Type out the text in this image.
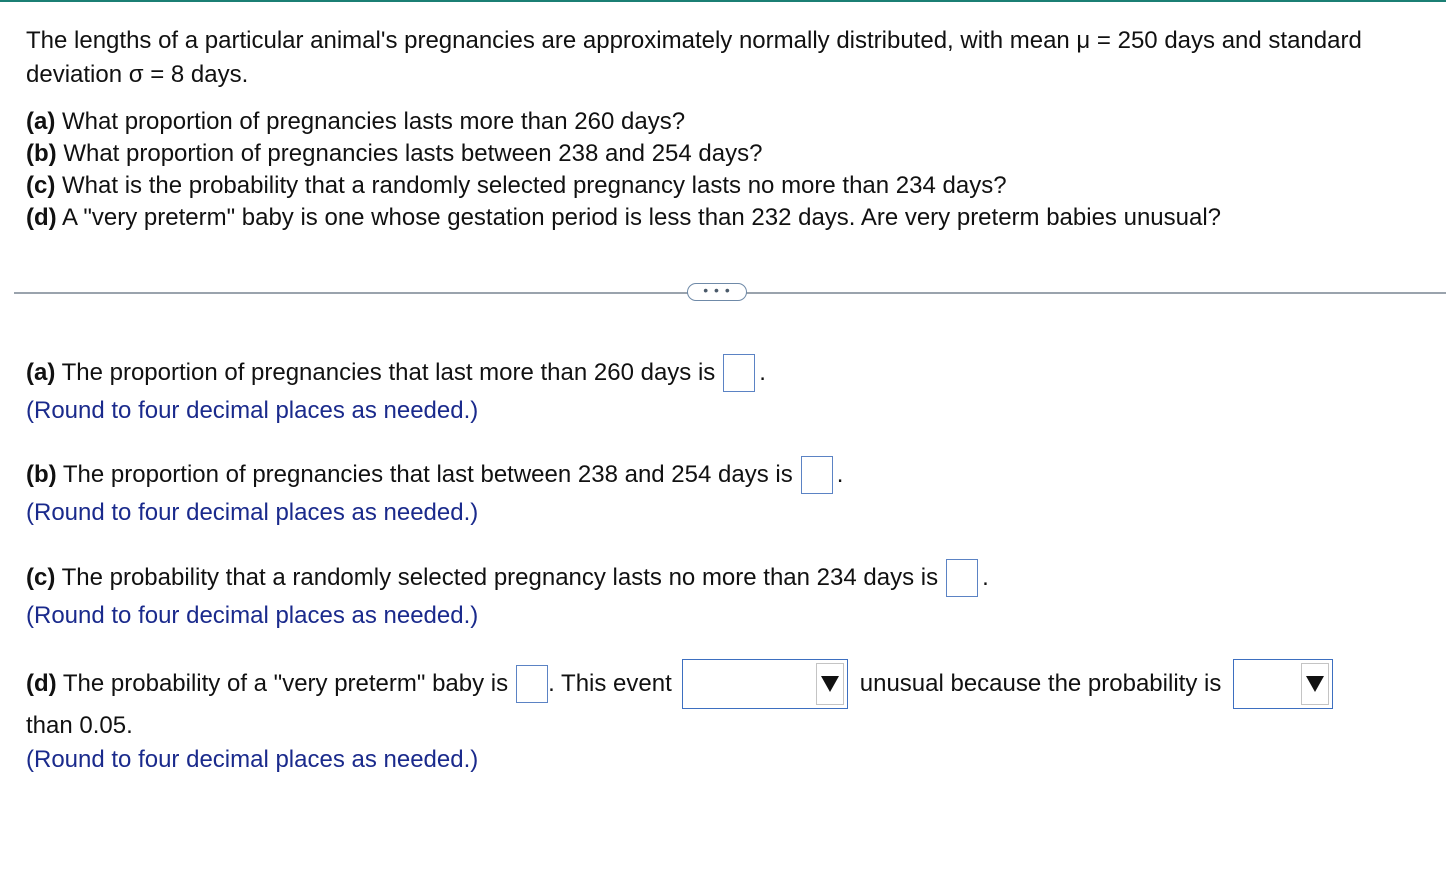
The lengths of a particular animal's pregnancies are approximately normally distributed, with mean μ = 250 days and standard deviation σ = 8 days.

(a) What proportion of pregnancies lasts more than 260 days?

(b) What proportion of pregnancies lasts between 238 and 254 days?

(c) What is the probability that a randomly selected pregnancy lasts no more than 234 days?

(d) A "very preterm" baby is one whose gestation period is less than 232 days. Are very preterm babies unusual?

• • •
(a) The proportion of pregnancies that last more than 260 days is .
(Round to four decimal places as needed.)
(b) The proportion of pregnancies that last between 238 and 254 days is .
(Round to four decimal places as needed.)
(c) The probability that a randomly selected pregnancy lasts no more than 234 days is .
(Round to four decimal places as needed.)
(d) The probability of a "very preterm" baby is . This event	unusual because the probability is
than 0.05.
(Round to four decimal places as needed.)
